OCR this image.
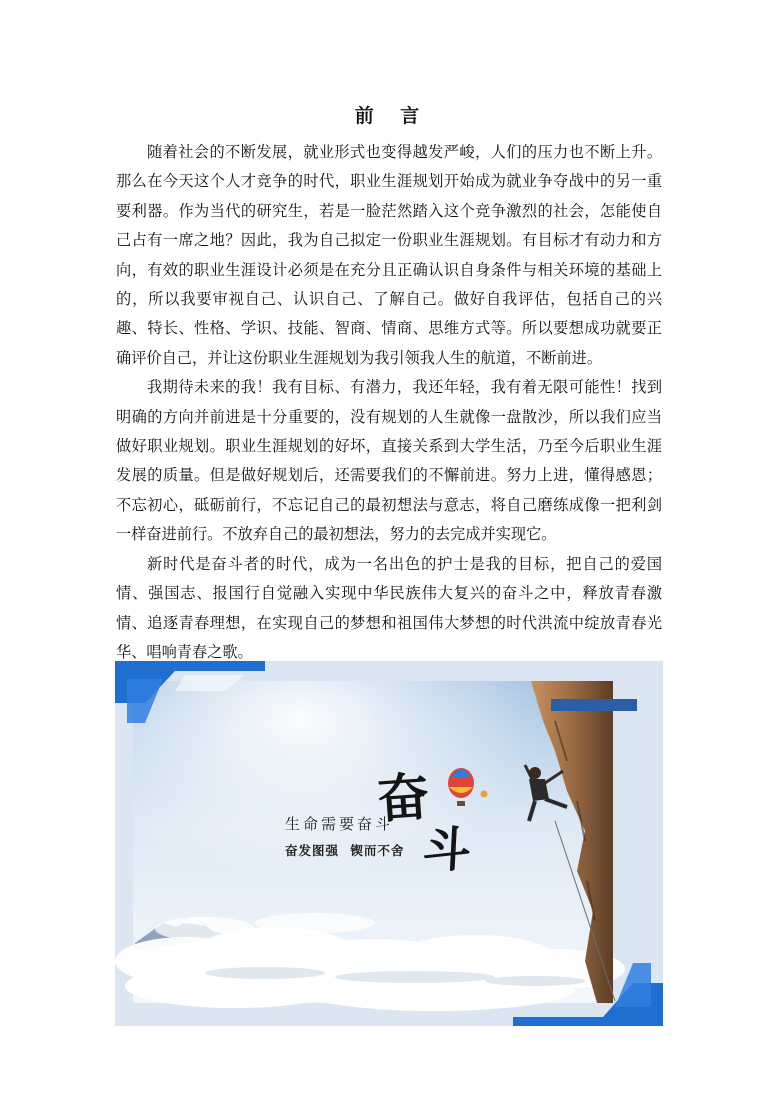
前 言

随着社会的不断发展，就业形式也变得越发严峻，人们的压力也不断上升。那么在今天这个人才竞争的时代，职业生涯规划开始成为就业争夺战中的另一重要利器。作为当代的研究生，若是一脸茫然踏入这个竞争激烈的社会，怎能使自己占有一席之地？因此，我为自己拟定一份职业生涯规划。有目标才有动力和方向，有效的职业生涯设计必须是在充分且正确认识自身条件与相关环境的基础上的，所以我要审视自己、认识自己、了解自己。做好自我评估，包括自己的兴趣、特长、性格、学识、技能、智商、情商、思维方式等。所以要想成功就要正确评价自己，并让这份职业生涯规划为我引领我人生的航道，不断前进。

我期待未来的我！我有目标、有潜力，我还年轻，我有着无限可能性！找到明确的方向并前进是十分重要的，没有规划的人生就像一盘散沙，所以我们应当做好职业规划。职业生涯规划的好坏，直接关系到大学生活，乃至今后职业生涯发展的质量。但是做好规划后，还需要我们的不懈前进。努力上进，懂得感恩；不忘初心，砥砺前行，不忘记自己的最初想法与意志，将自己磨练成像一把利剑一样奋进前行。不放弃自己的最初想法，努力的去完成并实现它。

新时代是奋斗者的时代，成为一名出色的护士是我的目标，把自己的爱国情、强国志、报国行自觉融入实现中华民族伟大复兴的奋斗之中，释放青春激情、追逐青春理想，在实现自己的梦想和祖国伟大梦想的时代洪流中绽放青春光华、唱响青春之歌。

生命需要奋斗
奋发图强 锲而不舍
奋
斗
